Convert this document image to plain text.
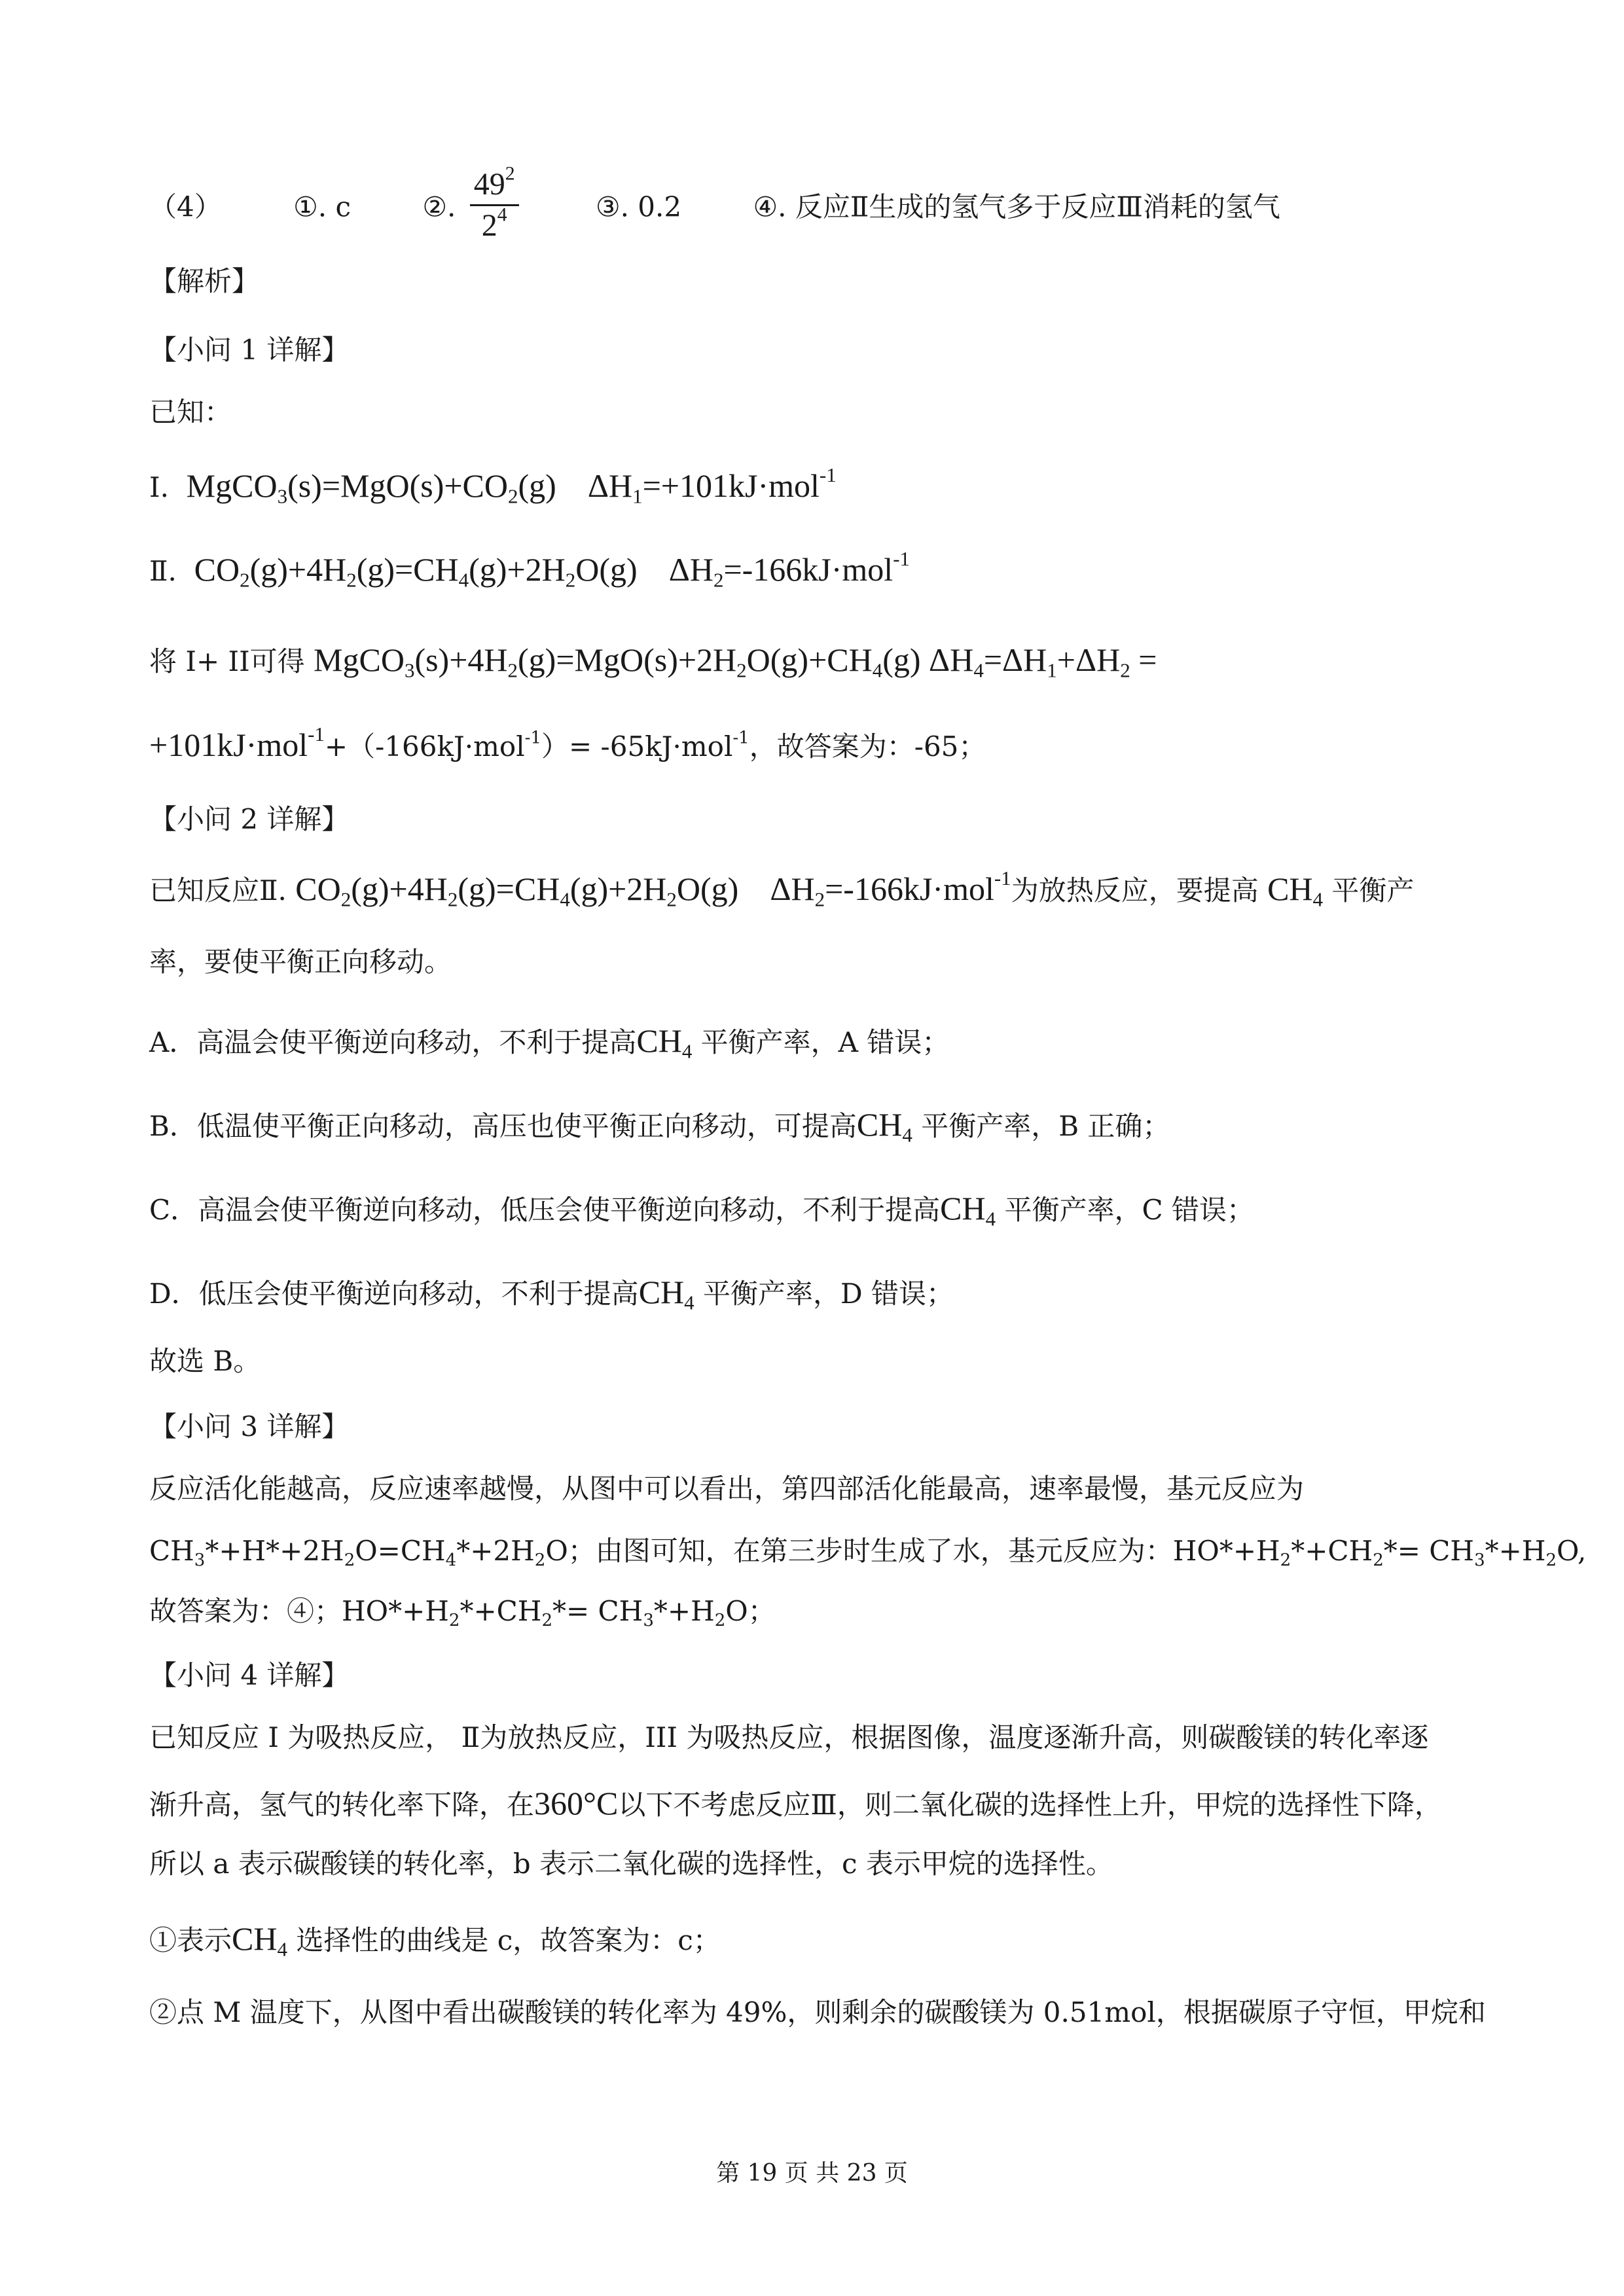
（4）	①. c	②. $\frac{49^2}{2^4}$	③. 0.2	④. 反应Ⅱ生成的氢气多于反应Ⅲ消耗的氢气
【解析】
【小问 1 详解】
已知：
I. $MgCO_3(s)=MgO(s)+CO_2(g)$ $\Delta H_1=+101kJ\cdot mol^{-1}$
Ⅱ. $CO_2(g)+4H_2(g)=CH_4(g)+2H_2O(g)$ $\Delta H_2=-166kJ\cdot mol^{-1}$
将 I+ II可得 $MgCO_3(s)+4H_2(g)=MgO(s)+2H_2O(g)+CH_4(g) \Delta H_4=\Delta H_1+\Delta H_2$ =
+101kJ·mol$^{-1}$+（-166kJ·mol$^{-1}$）= -65kJ·mol$^{-1}$，故答案为：-65；
【小问 2 详解】
已知反应Ⅱ. $CO_2(g)+4H_2(g)=CH_4(g)+2H_2O(g)$ $\Delta H_2=-166kJ\cdot mol^{-1}$为放热反应，要提高 $CH_4$ 平衡产
率，要使平衡正向移动。
A．高温会使平衡逆向移动，不利于提高$CH_4$ 平衡产率，A 错误；
B．低温使平衡正向移动，高压也使平衡正向移动，可提高$CH_4$ 平衡产率，B 正确；
C．高温会使平衡逆向移动，低压会使平衡逆向移动，不利于提高$CH_4$ 平衡产率，C 错误；
D．低压会使平衡逆向移动，不利于提高$CH_4$ 平衡产率，D 错误；
故选 B。
【小问 3 详解】
反应活化能越高，反应速率越慢，从图中可以看出，第四部活化能最高，速率最慢，基元反应为
$CH_3*+H*+2H_2O=CH_4*+2H_2O$；由图可知，在第三步时生成了水，基元反应为：$HO*+H_2*+CH_2*= CH_3*+H_2O$,
故答案为：④；$HO*+H_2*+CH_2*= CH_3*+H_2O$；
【小问 4 详解】
已知反应 I 为吸热反应， Ⅱ为放热反应，III 为吸热反应，根据图像，温度逐渐升高，则碳酸镁的转化率逐
渐升高，氢气的转化率下降，在360°C以下不考虑反应Ⅲ，则二氧化碳的选择性上升，甲烷的选择性下降，
所以 a 表示碳酸镁的转化率，b 表示二氧化碳的选择性，c 表示甲烷的选择性。
①表示$CH_4$ 选择性的曲线是 c，故答案为：c；
②点 M 温度下，从图中看出碳酸镁的转化率为 49%，则剩余的碳酸镁为 0.51mol，根据碳原子守恒，甲烷和
第 19 页 共 23 页
